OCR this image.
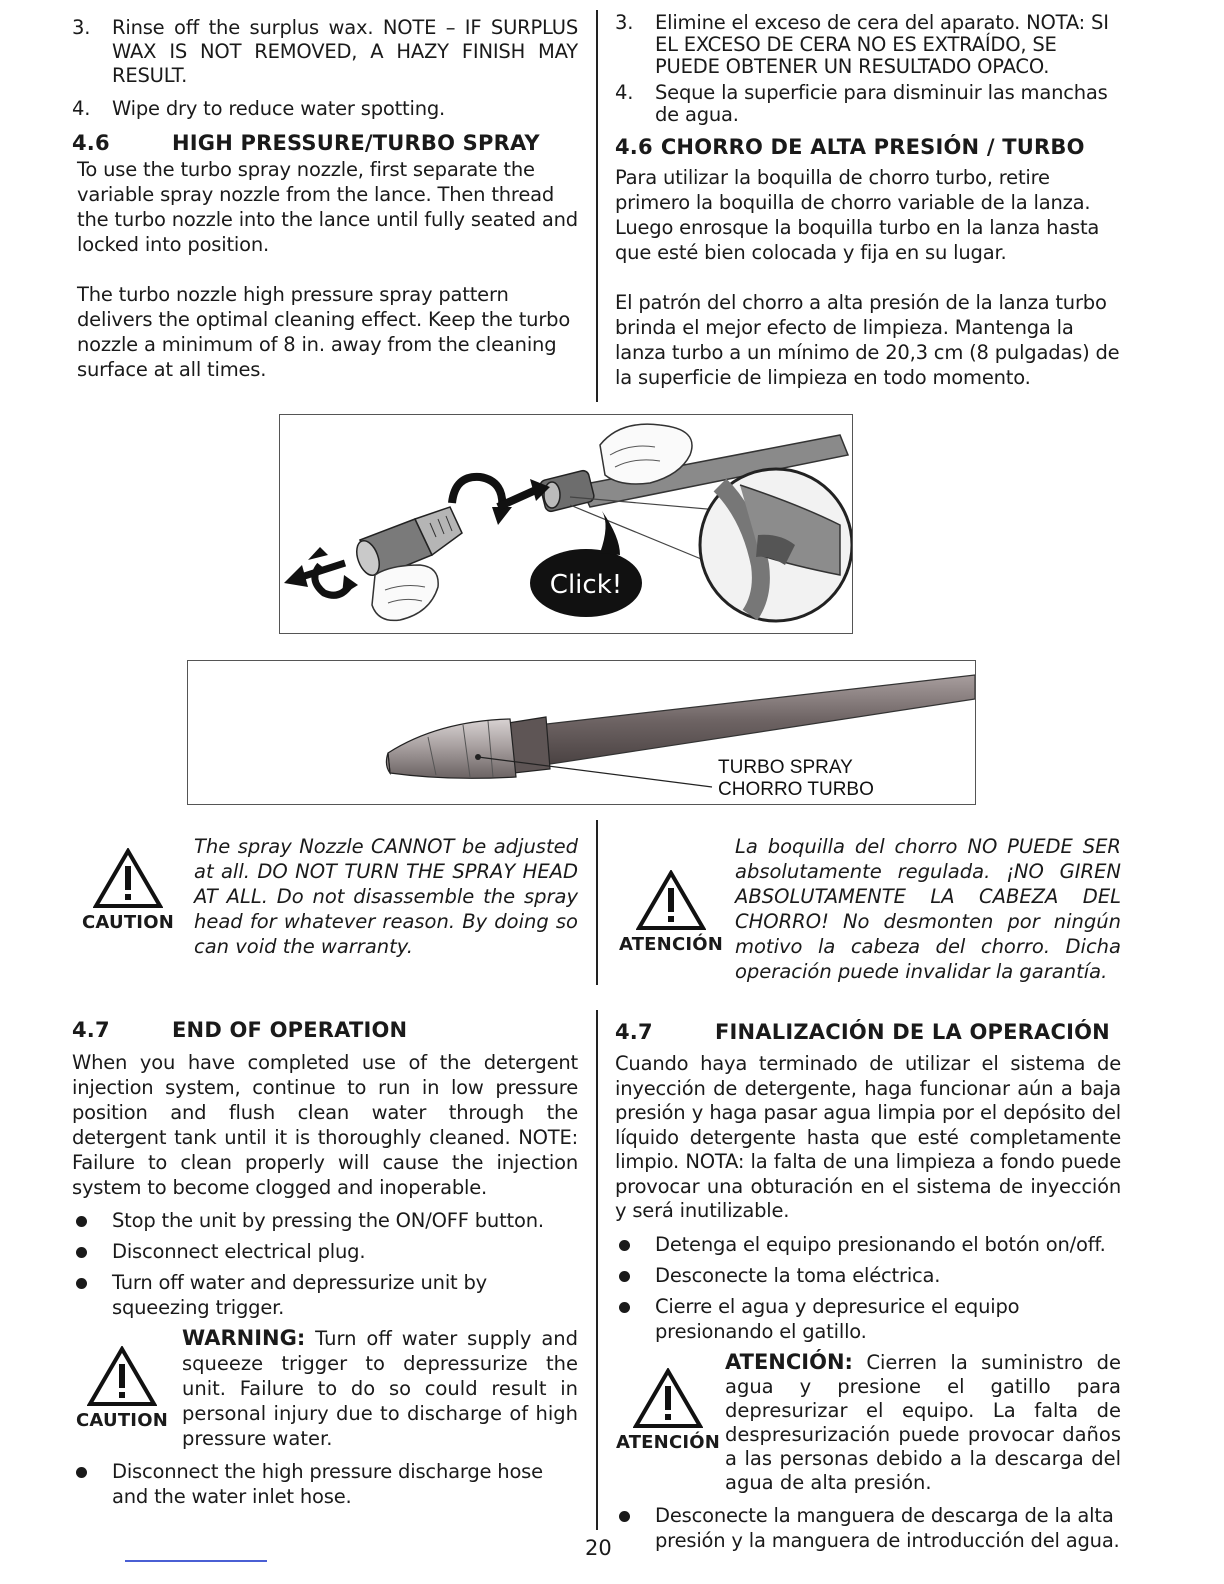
3.	Rinse off the surplus wax. NOTE – IF SURPLUS WAX IS NOT REMOVED, A HAZY FINISH MAY RESULT.
4.	Wipe dry to reduce water spotting.
4.6	HIGH PRESSURE/TURBO SPRAY

To use the turbo spray nozzle, first separate the variable spray nozzle from the lance. Then thread the turbo nozzle into the lance until fully seated and locked into position.

The turbo nozzle high pressure spray pattern delivers the optimal cleaning effect. Keep the turbo nozzle a minimum of 8 in. away from the cleaning surface at all times.

3.	Elimine el exceso de cera del aparato. NOTA: SI EL EXCESO DE CERA NO ES EXTRAÍDO, SE PUEDE OBTENER UN RESULTADO OPACO.
4.	Seque la superficie para disminuir las manchas de agua.
4.6 CHORRO DE ALTA PRESIÓN / TURBO

Para utilizar la boquilla de chorro turbo, retire primero la boquilla de chorro variable de la lanza. Luego enrosque la boquilla turbo en la lanza hasta que esté bien colocada y fija en su lugar.

El patrón del chorro a alta presión de la lanza turbo brinda el mejor efecto de limpieza. Mantenga la lanza turbo a un mínimo de 20,3 cm (8 pulgadas) de la superficie de limpieza en todo momento.

Click!
TURBO SPRAY
CHORRO TURBO
CAUTION

The spray Nozzle CANNOT be adjusted at all. DO NOT TURN THE SPRAY HEAD AT ALL. Do not disassemble the spray head for whatever reason. By doing so can void the warranty.	ATENCIÓN

La boquilla del chorro NO PUEDE SER absolutamente regulada. ¡NO GIREN ABSOLUTAMENTE LA CABEZA DEL CHORRO! No desmonten por ningún motivo la cabeza del chorro. Dicha operación puede invalidar la garantía.

4.7	END OF OPERATION

When you have completed use of the detergent injection system, continue to run in low pressure position and flush clean water through the detergent tank until it is thoroughly cleaned. NOTE: Failure to clean properly will cause the injection system to become clogged and inoperable.

Stop the unit by pressing the ON/OFF button.
Disconnect electrical plug.
Turn off water and depressurize unit by squeezing trigger.
CAUTION

WARNING: Turn off water supply and squeeze trigger to depressurize the unit. Failure to do so could result in personal injury due to discharge of high pressure water.

Disconnect the high pressure discharge hose and the water inlet hose.
4.7	FINALIZACIÓN DE LA OPERACIÓN

Cuando haya terminado de utilizar el sistema de inyección de detergente, haga funcionar aún a baja presión y haga pasar agua limpia por el depósito del líquido detergente hasta que esté completamente limpio. NOTA: la falta de una limpieza a fondo puede provocar una obturación en el sistema de inyección y será inutilizable.

Detenga el equipo presionando el botón on/off.
Desconecte la toma eléctrica.
Cierre el agua y depresurice el equipo presionando el gatillo.
ATENCIÓN

ATENCIÓN: Cierren la suministro de agua y presione el gatillo para depresurizar el equipo. La falta de despresurización puede provocar daños a las personas debido a la descarga del agua de alta presión.

Desconecte la manguera de descarga de la alta presión y la manguera de introducción del agua.
20
